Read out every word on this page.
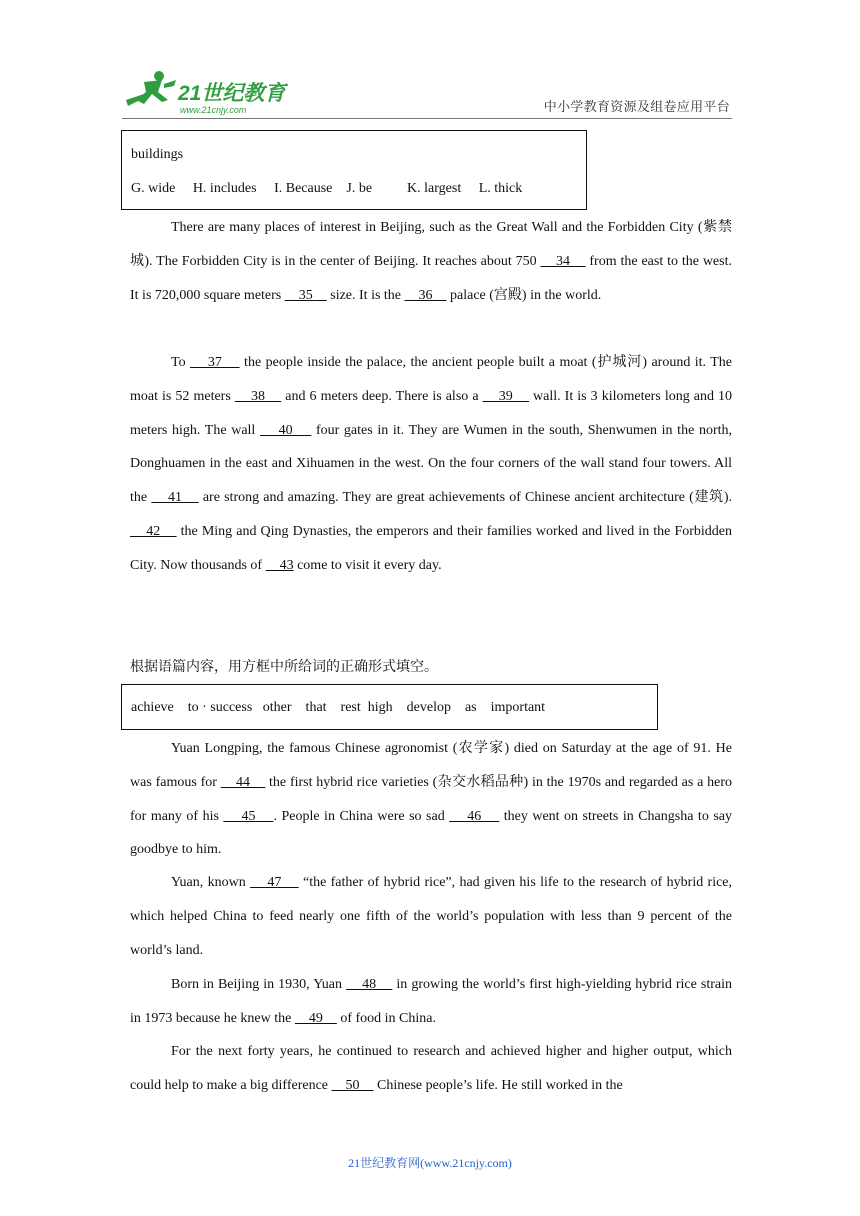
21世纪教育
www.21cnjy.com	中小学教育资源及组卷应用平台
buildings
G. wide     H. includes     I. Because    J. be          K. largest     L. thick

There are many places of interest in Beijing, such as the Great Wall and the Forbidden City (紫禁城). The Forbidden City is in the center of Beijing. It reaches about 750     34     from the east to the west. It is 720,000 square meters     35     size. It is the     36     palace (宫殿) in the world.

To     37     the people inside the palace, the ancient people built a moat (护城河) around it. The moat is 52 meters     38     and 6 meters deep. There is also a     39     wall. It is 3 kilometers long and 10 meters high. The wall     40     four gates in it. They are Wumen in the south, Shenwumen in the north, Donghuamen in the east and Xihuamen in the west. On the four corners of the wall stand four towers. All the     41     are strong and amazing. They are great achievements of Chinese ancient architecture (建筑).     42     the Ming and Qing Dynasties, the emperors and their families worked and lived in the Forbidden City. Now thousands of     43 come to visit it every day.

根据语篇内容，用方框中所给词的正确形式填空。
achieve    to · success   other    that    rest  high    develop    as    important

Yuan Longping, the famous Chinese agronomist (农学家) died on Saturday at the age of 91. He was famous for     44     the first hybrid rice varieties (杂交水稻品种) in the 1970s and regarded as a hero for many of his     45    . People in China were so sad     46     they went on streets in Changsha to say goodbye to him.

Yuan, known     47     “the father of hybrid rice”, had given his life to the research of hybrid rice, which helped China to feed nearly one fifth of the world’s population with less than 9 percent of the world’s land.

Born in Beijing in 1930, Yuan     48     in growing the world’s first high-yielding hybrid rice strain in 1973 because he knew the     49     of food in China.

For the next forty years, he continued to research and achieved higher and higher output, which could help to make a big difference     50     Chinese people’s life. He still worked in the

21世纪教育网(www.21cnjy.com)
